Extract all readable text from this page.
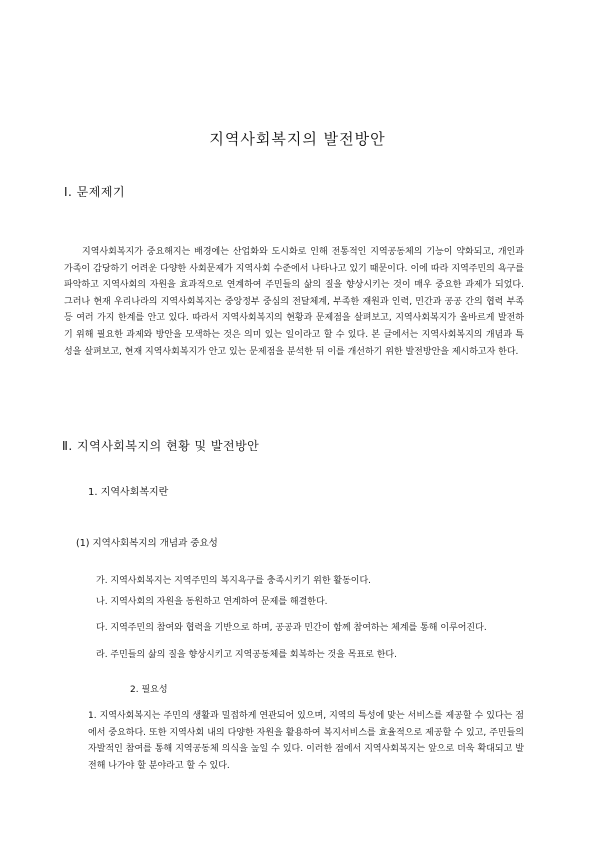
지역사회복지의 발전방안
Ⅰ. 문제제기

지역사회복지가 중요해지는 배경에는 산업화와 도시화로 인해 전통적인 지역공동체의 기능이 약화되고, 개인과 가족이 감당하기 어려운 다양한 사회문제가 지역사회 수준에서 나타나고 있기 때문이다. 이에 따라 지역주민의 욕구를 파악하고 지역사회의 자원을 효과적으로 연계하여 주민들의 삶의 질을 향상시키는 것이 매우 중요한 과제가 되었다. 그러나 현재 우리나라의 지역사회복지는 중앙정부 중심의 전달체계, 부족한 재원과 인력, 민간과 공공 간의 협력 부족 등 여러 가지 한계를 안고 있다. 따라서 지역사회복지의 현황과 문제점을 살펴보고, 지역사회복지가 올바르게 발전하기 위해 필요한 과제와 방안을 모색하는 것은 의미 있는 일이라고 할 수 있다. 본 글에서는 지역사회복지의 개념과 특성을 살펴보고, 현재 지역사회복지가 안고 있는 문제점을 분석한 뒤 이를 개선하기 위한 발전방안을 제시하고자 한다.

Ⅱ. 지역사회복지의 현황 및 발전방안
1. 지역사회복지란
(1) 지역사회복지의 개념과 중요성
가. 지역사회복지는 지역주민의 복지욕구를 충족시키기 위한 활동이다.
나. 지역사회의 자원을 동원하고 연계하여 문제를 해결한다.
다. 지역주민의 참여와 협력을 기반으로 하며, 공공과 민간이 함께 참여하는 체계를 통해 이루어진다.
라. 주민들의 삶의 질을 향상시키고 지역공동체를 회복하는 것을 목표로 한다.
2. 필요성

1. 지역사회복지는 주민의 생활과 밀접하게 연관되어 있으며, 지역의 특성에 맞는 서비스를 제공할 수 있다는 점에서 중요하다. 또한 지역사회 내의 다양한 자원을 활용하여 복지서비스를 효율적으로 제공할 수 있고, 주민들의 자발적인 참여를 통해 지역공동체 의식을 높일 수 있다. 이러한 점에서 지역사회복지는 앞으로 더욱 확대되고 발전해 나가야 할 분야라고 할 수 있다.
